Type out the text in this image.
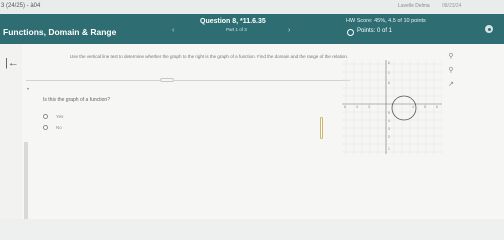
3 (24/25) - à04	Lavelle Delma 08/23/24
Functions, Domain & Range	‹
Question 8, *11.6.35
Part 1 of 3	›
HW Score: 45%, 4.5 of 10 points
Points: 0 of 1
|←
Use the vertical line test to determine whether the graph to the right is the graph of a function. Find the domain and the range of the relation.
•
Is this the graph of a function?
Yes
No
6	4	3	4	5	6
6
1
6
5
4
3
2
1
⚲
⚲
↗
